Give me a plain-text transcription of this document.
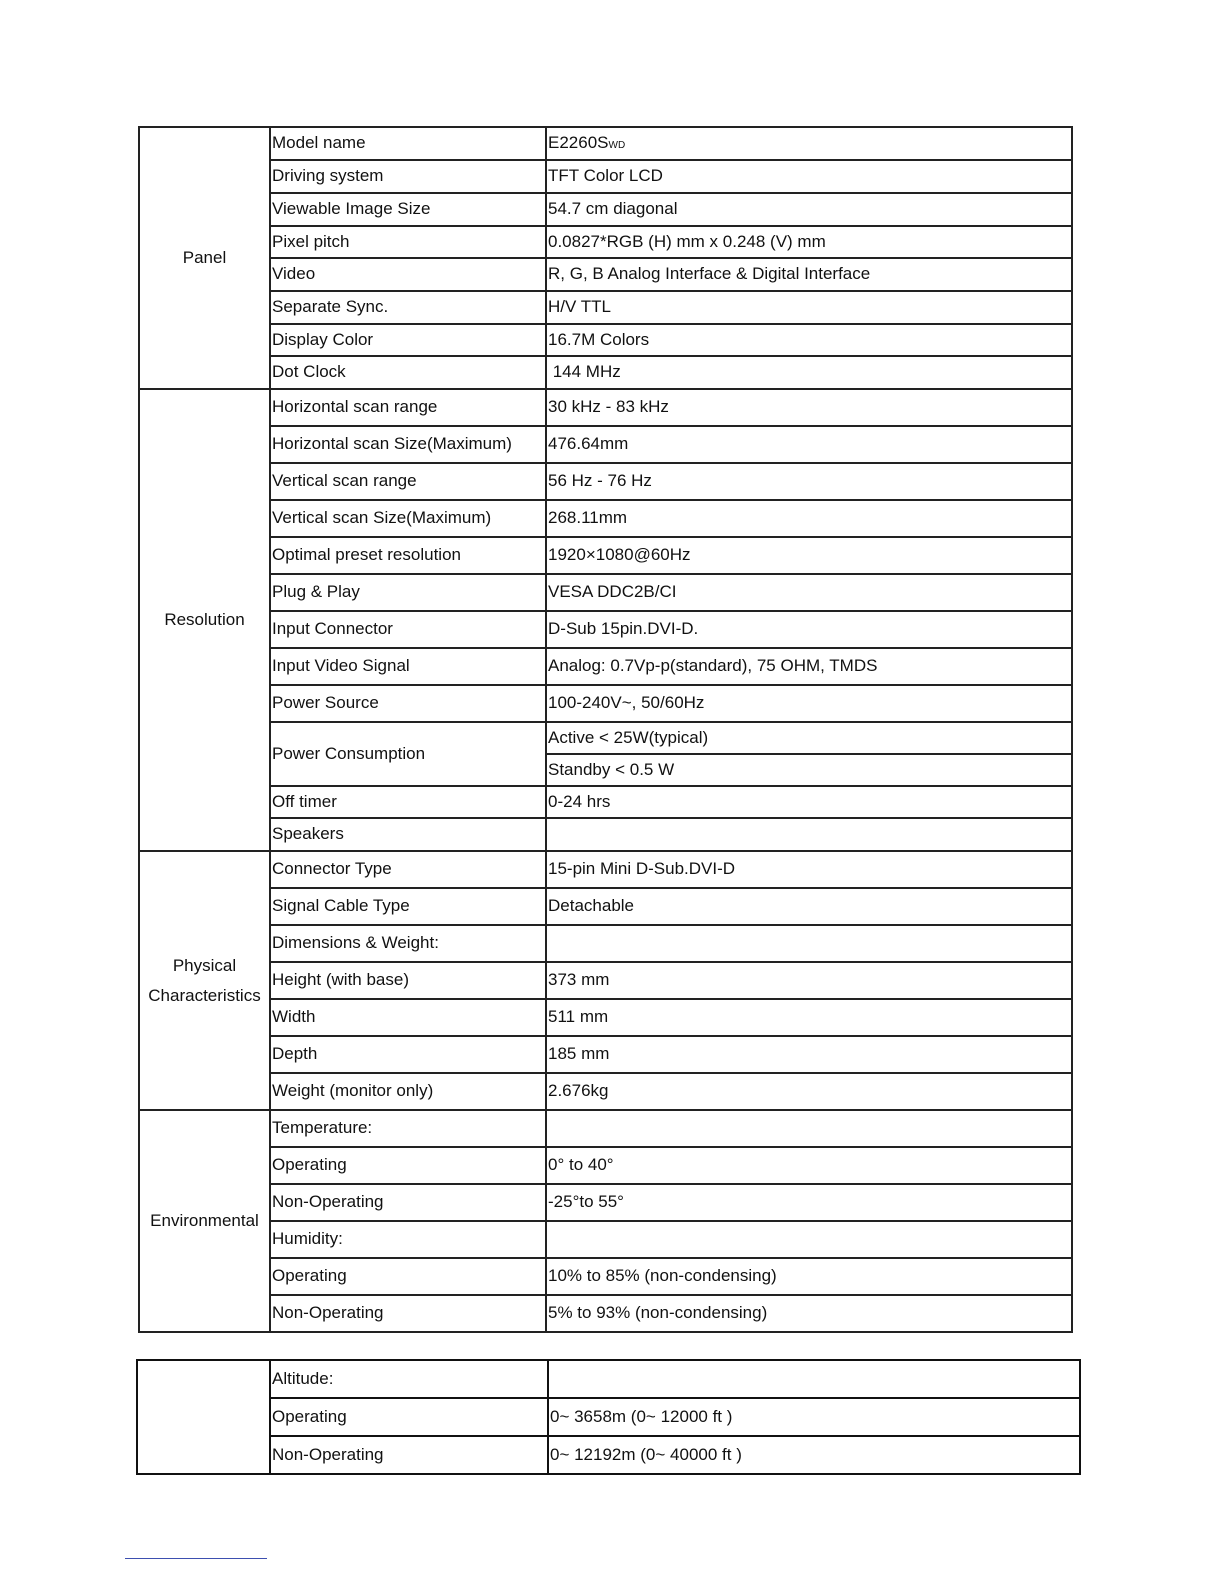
Panel	Model name	E2260SWD
	Driving system	TFT Color LCD
	Viewable Image Size	54.7 cm diagonal
	Pixel pitch	0.0827*RGB (H) mm x 0.248 (V) mm
	Video	R, G, B Analog Interface & Digital Interface
	Separate Sync.	H/V TTL
	Display Color	16.7M Colors
	Dot Clock	144 MHz
Resolution	Horizontal scan range	30 kHz - 83 kHz
	Horizontal scan Size(Maximum)	476.64mm
	Vertical scan range	56 Hz - 76 Hz
	Vertical scan Size(Maximum)	268.11mm
	Optimal preset resolution	1920×1080@60Hz
	Plug & Play	VESA DDC2B/CI
	Input Connector	D-Sub 15pin.DVI-D.
	Input Video Signal	Analog: 0.7Vp-p(standard), 75 OHM, TMDS
	Power Source	100-240V~, 50/60Hz
	Power Consumption	Active < 25W(typical)
		Standby < 0.5 W
	Off timer	0-24 hrs
	Speakers	
Physical Characteristics	Connector Type	15-pin Mini D-Sub.DVI-D
	Signal Cable Type	Detachable
	Dimensions & Weight:	
	Height (with base)	373 mm
	Width	511 mm
	Depth	185 mm
	Weight (monitor only)	2.676kg
Environmental	Temperature:	
	Operating	0° to 40°
	Non-Operating	-25°to 55°
	Humidity:	
	Operating	10% to 85% (non-condensing)
	Non-Operating	5% to 93% (non-condensing)
	Altitude:	
	Operating	0~ 3658m (0~ 12000 ft )
	Non-Operating	0~ 12192m (0~ 40000 ft )
